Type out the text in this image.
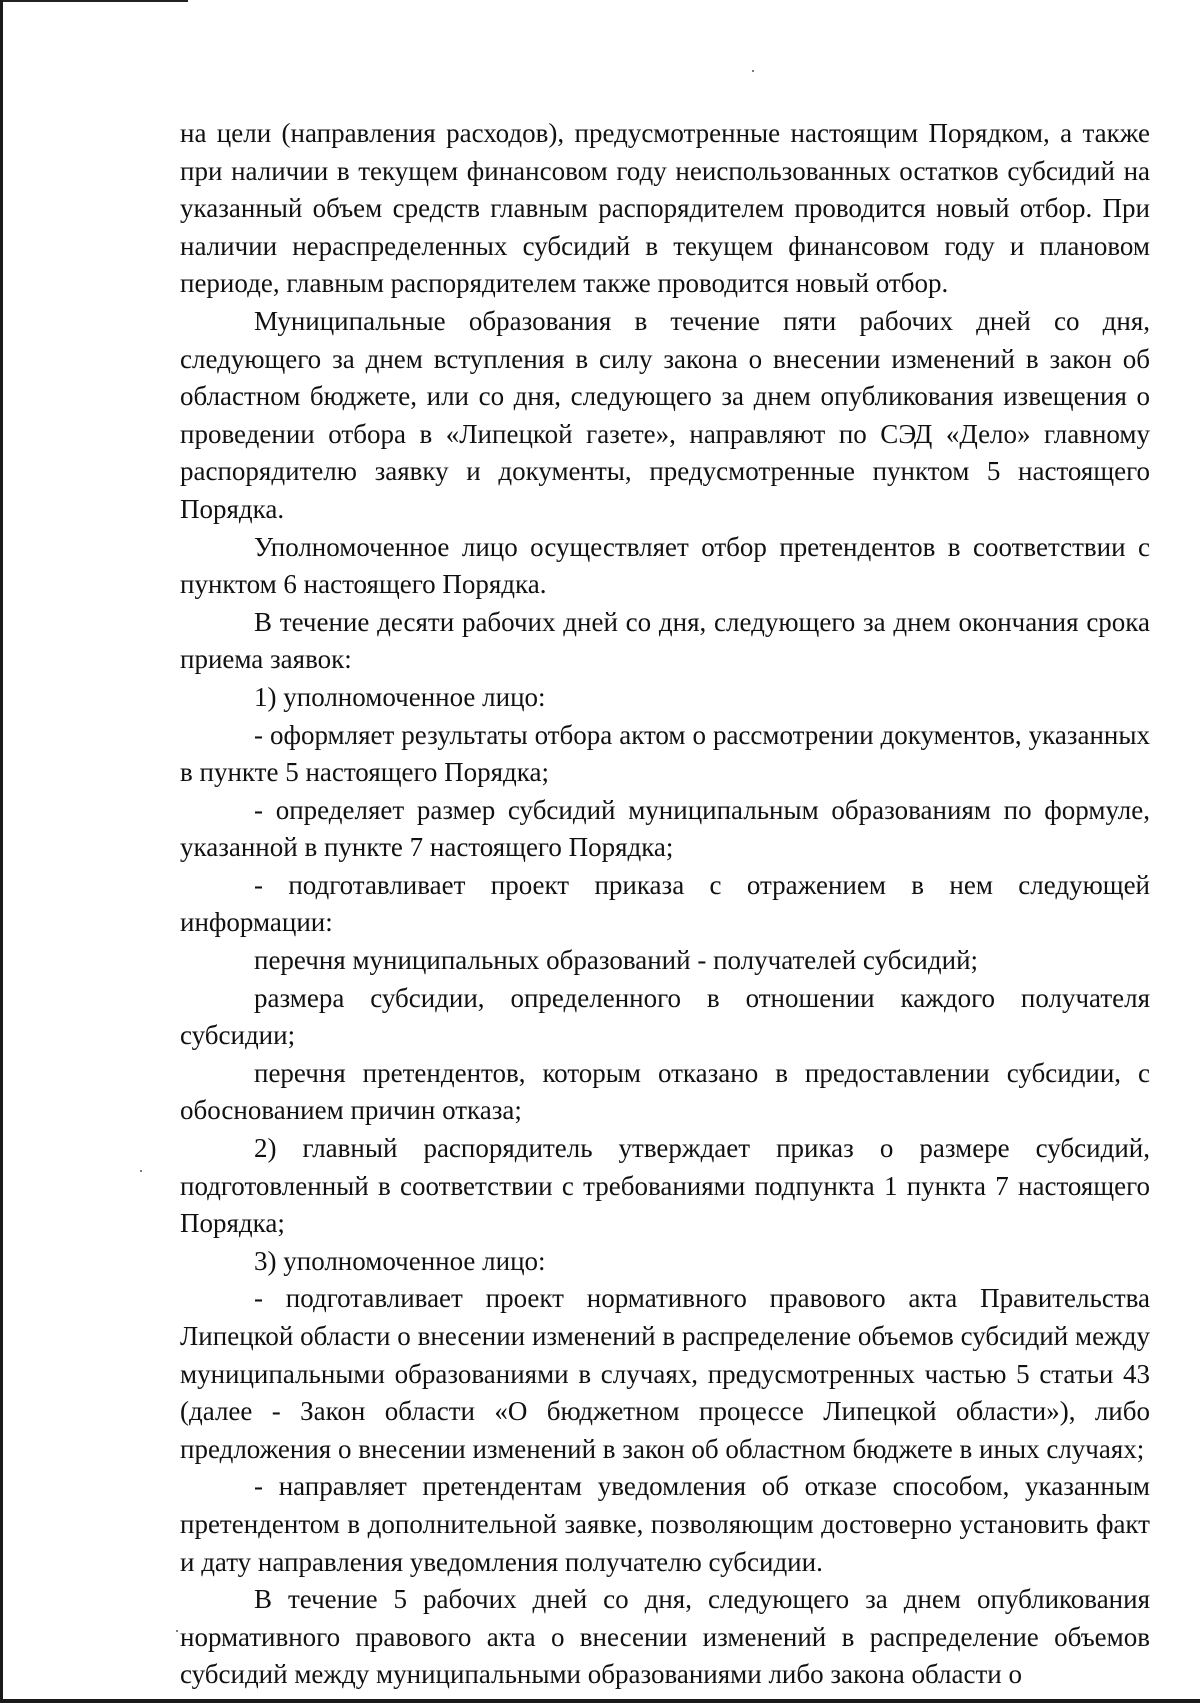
на цели (направления расходов), предусмотренные настоящим Порядком, а также при наличии в текущем финансовом году неиспользованных остатков субсидий на указанный объем средств главным распорядителем проводится новый отбор. При наличии нераспределенных субсидий в текущем финансовом году и плановом периоде, главным распорядителем также проводится новый отбор.

Муниципальные образования в течение пяти рабочих дней со дня, следующего за днем вступления в силу закона о внесении изменений в закон об областном бюджете, или со дня, следующего за днем опубликования извещения о проведении отбора в «Липецкой газете», направляют по СЭД «Дело» главному распорядителю заявку и документы, предусмотренные пунктом 5 настоящего Порядка.

Уполномоченное лицо осуществляет отбор претендентов в соответствии с пунктом 6 настоящего Порядка.

В течение десяти рабочих дней со дня, следующего за днем окончания срока приема заявок:

1) уполномоченное лицо:

- оформляет результаты отбора актом о рассмотрении документов, указанных в пункте 5 настоящего Порядка;

- определяет размер субсидий муниципальным образованиям по формуле, указанной в пункте 7 настоящего Порядка;

- подготавливает проект приказа с отражением в нем следующей информации:

перечня муниципальных образований - получателей субсидий;

размера субсидии, определенного в отношении каждого получателя субсидии;

перечня претендентов, которым отказано в предоставлении субсидии, с обоснованием причин отказа;

2) главный распорядитель утверждает приказ о размере субсидий, подготовленный в соответствии с требованиями подпункта 1 пункта 7 настоящего Порядка;

3) уполномоченное лицо:

- подготавливает проект нормативного правового акта Правительства Липецкой области о внесении изменений в распределение объемов субсидий между муниципальными образованиями в случаях, предусмотренных частью 5 статьи 43 (далее - Закон области «О бюджетном процессе Липецкой области»), либо предложения о внесении изменений в закон об областном бюджете в иных случаях;

- направляет претендентам уведомления об отказе способом, указанным претендентом в дополнительной заявке, позволяющим достоверно установить факт и дату направления уведомления получателю субсидии.

В течение 5 рабочих дней со дня, следующего за днем опубликования нормативного правового акта о внесении изменений в распределение объемов субсидий между муниципальными образованиями либо закона области о
